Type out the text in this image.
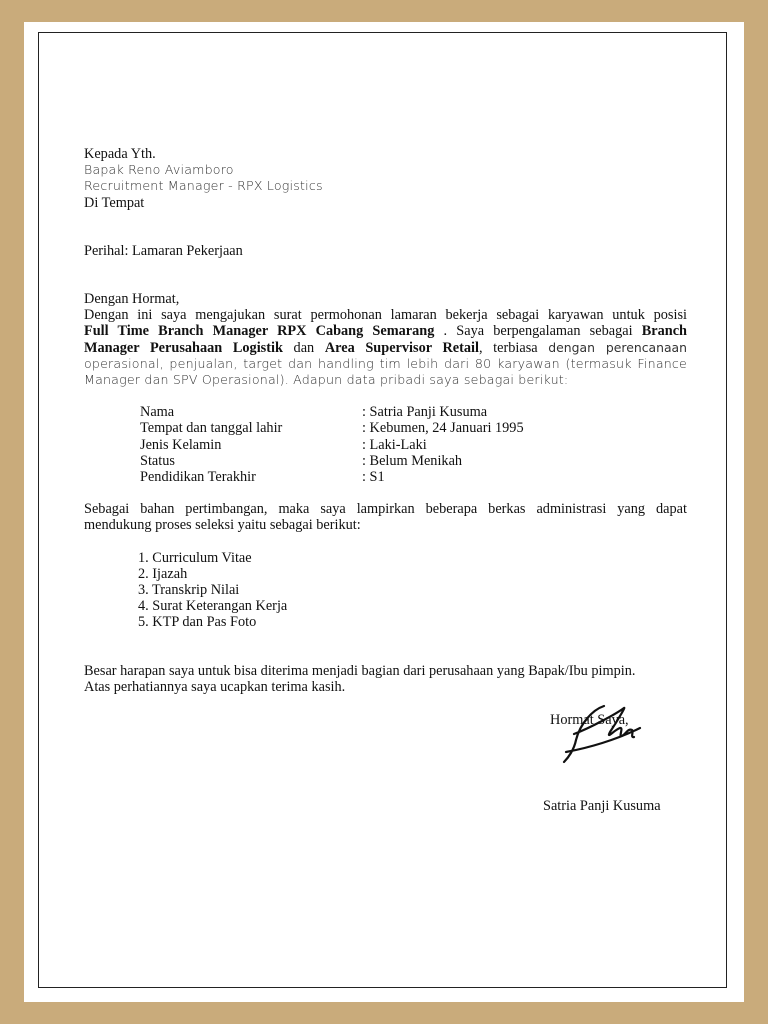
Kepada Yth.
Bapak Reno Aviamboro
Recruitment Manager - RPX Logistics
Di Tempat
Perihal: Lamaran Pekerjaan
Dengan Hormat,
Dengan ini saya mengajukan surat permohonan lamaran bekerja sebagai karyawan untuk posisi
Full Time Branch Manager RPX Cabang Semarang . Saya berpengalaman sebagai Branch
Manager Perusahaan Logistik dan Area Supervisor Retail, terbiasa dengan perencanaan
operasional, penjualan, target dan handling tim lebih dari 80 karyawan (termasuk Finance
Manager dan SPV Operasional). Adapun data pribadi saya sebagai berikut:
Nama	: Satria Panji Kusuma
Tempat dan tanggal lahir	: Kebumen, 24 Januari 1995
Jenis Kelamin	: Laki-Laki
Status	: Belum Menikah
Pendidikan Terakhir	: S1
Sebagai bahan pertimbangan, maka saya lampirkan beberapa berkas administrasi yang dapat
mendukung proses seleksi yaitu sebagai berikut:
1. Curriculum Vitae
2. Ijazah
3. Transkrip Nilai
4. Surat Keterangan Kerja
5. KTP dan Pas Foto
Besar harapan saya untuk bisa diterima menjadi bagian dari perusahaan yang Bapak/Ibu pimpin.
Atas perhatiannya saya ucapkan terima kasih.
Hormat Saya,
Satria Panji Kusuma
